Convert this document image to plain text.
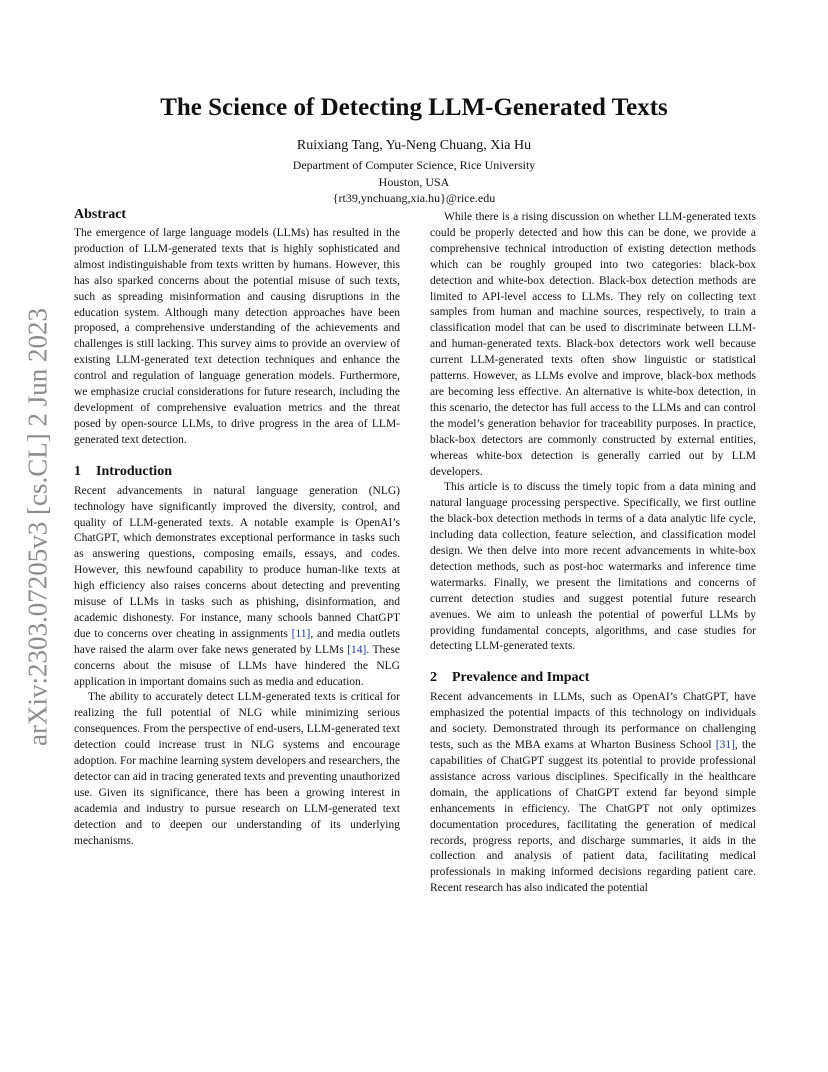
arXiv:2303.07205v3 [cs.CL] 2 Jun 2023
The Science of Detecting LLM-Generated Texts
Ruixiang Tang, Yu-Neng Chuang, Xia Hu
Department of Computer Science, Rice University
Houston, USA
{rt39,ynchuang,xia.hu}@rice.edu
Abstract

The emergence of large language models (LLMs) has resulted in the production of LLM-generated texts that is highly sophisticated and almost indistinguishable from texts written by humans. However, this has also sparked concerns about the potential misuse of such texts, such as spreading misinformation and causing disruptions in the education system. Although many detection approaches have been proposed, a comprehensive understanding of the achievements and challenges is still lacking. This survey aims to provide an overview of existing LLM-generated text detection techniques and enhance the control and regulation of language generation models. Furthermore, we emphasize crucial considerations for future research, including the development of comprehensive evaluation metrics and the threat posed by open-source LLMs, to drive progress in the area of LLM-generated text detection.

1 Introduction

Recent advancements in natural language generation (NLG) technology have significantly improved the diversity, control, and quality of LLM-generated texts. A notable example is OpenAI’s ChatGPT, which demonstrates exceptional performance in tasks such as answering questions, composing emails, essays, and codes. However, this newfound capability to produce human-like texts at high efficiency also raises concerns about detecting and preventing misuse of LLMs in tasks such as phishing, disinformation, and academic dishonesty. For instance, many schools banned ChatGPT due to concerns over cheating in assignments [11], and media outlets have raised the alarm over fake news generated by LLMs [14]. These concerns about the misuse of LLMs have hindered the NLG application in important domains such as media and education.

The ability to accurately detect LLM-generated texts is critical for realizing the full potential of NLG while minimizing serious consequences. From the perspective of end-users, LLM-generated text detection could increase trust in NLG systems and encourage adoption. For machine learning system developers and researchers, the detector can aid in tracing generated texts and preventing unauthorized use. Given its significance, there has been a growing interest in academia and industry to pursue research on LLM-generated text detection and to deepen our understanding of its underlying mechanisms.

While there is a rising discussion on whether LLM-generated texts could be properly detected and how this can be done, we provide a comprehensive technical introduction of existing detection methods which can be roughly grouped into two categories: black-box detection and white-box detection. Black-box detection methods are limited to API-level access to LLMs. They rely on collecting text samples from human and machine sources, respectively, to train a classification model that can be used to discriminate between LLM- and human-generated texts. Black-box detectors work well because current LLM-generated texts often show linguistic or statistical patterns. However, as LLMs evolve and improve, black-box methods are becoming less effective. An alternative is white-box detection, in this scenario, the detector has full access to the LLMs and can control the model’s generation behavior for traceability purposes. In practice, black-box detectors are commonly constructed by external entities, whereas white-box detection is generally carried out by LLM developers.

This article is to discuss the timely topic from a data mining and natural language processing perspective. Specifically, we first outline the black-box detection methods in terms of a data analytic life cycle, including data collection, feature selection, and classification model design. We then delve into more recent advancements in white-box detection methods, such as post-hoc watermarks and inference time watermarks. Finally, we present the limitations and concerns of current detection studies and suggest potential future research avenues. We aim to unleash the potential of powerful LLMs by providing fundamental concepts, algorithms, and case studies for detecting LLM-generated texts.

2 Prevalence and Impact

Recent advancements in LLMs, such as OpenAI’s ChatGPT, have emphasized the potential impacts of this technology on individuals and society. Demonstrated through its performance on challenging tests, such as the MBA exams at Wharton Business School [31], the capabilities of ChatGPT suggest its potential to provide professional assistance across various disciplines. Specifically in the healthcare domain, the applications of ChatGPT extend far beyond simple enhancements in efficiency. The ChatGPT not only optimizes documentation procedures, facilitating the generation of medical records, progress reports, and discharge summaries, it aids in the collection and analysis of patient data, facilitating medical professionals in making informed decisions regarding patient care. Recent research has also indicated the potential
